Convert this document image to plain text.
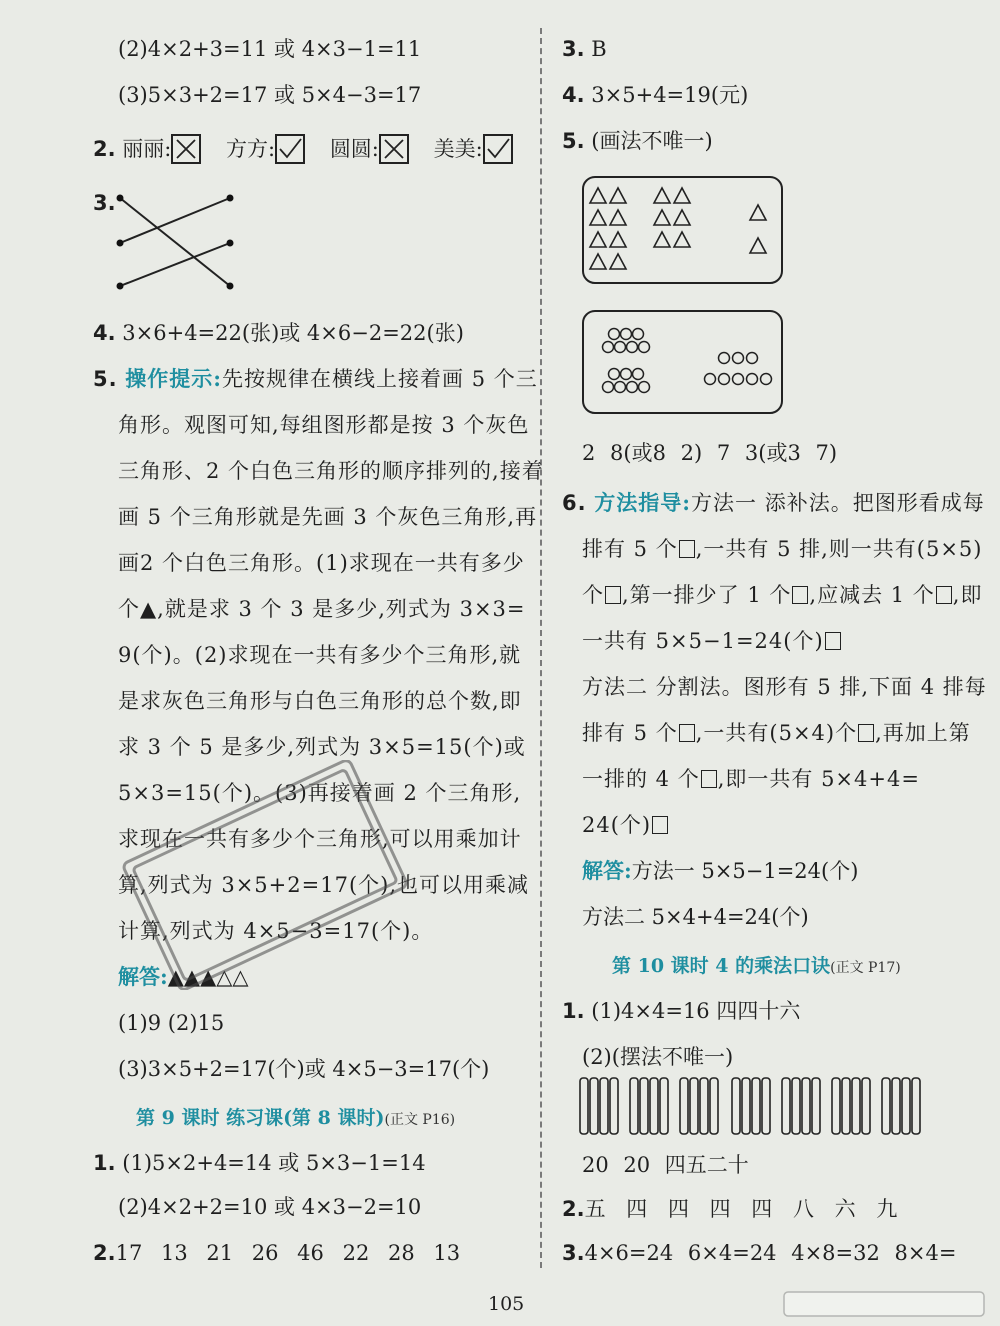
(2)4×2+3=11 或 4×3−1=11
(3)5×3+2=17 或 5×4−3=17
2. 丽丽:	方方:	圆圆:	美美:
3.
4. 3×6+4=22(张)或 4×6−2=22(张)
5. 操作提示:先按规律在横线上接着画 5 个三
角形。观图可知,每组图形都是按 3 个灰色
三角形、2 个白色三角形的顺序排列的,接着
画 5 个三角形就是先画 3 个灰色三角形,再
画2 个白色三角形。(1)求现在一共有多少
个▲,就是求 3 个 3 是多少,列式为 3×3=
9(个)。(2)求现在一共有多少个三角形,就
是求灰色三角形与白色三角形的总个数,即
求 3 个 5 是多少,列式为 3×5=15(个)或
5×3=15(个)。(3)再接着画 2 个三角形,
求现在一共有多少个三角形,可以用乘加计
算,列式为 3×5+2=17(个),也可以用乘减
计算,列式为 4×5−3=17(个)。
解答:▲▲▲△△
(1)9 (2)15
(3)3×5+2=17(个)或 4×5−3=17(个)
第 9 课时 练习课(第 8 课时)(正文 P16)
1. (1)5×2+4=14 或 5×3−1=14
(2)4×2+2=10 或 4×3−2=10
2.17 13 21 26 46 22 28 13
3. B
4. 3×5+4=19(元)
5. (画法不唯一)
2 8(或8 2) 7 3(或3 7)
6. 方法指导:方法一 添补法。把图形看成每
排有 5 个 ,一共有 5 排,则一共有(5×5)
个 ,第一排少了 1 个 ,应减去 1 个 ,即
一共有 5×5−1=24(个)
方法二 分割法。图形有 5 排,下面 4 排每
排有 5 个 ,一共有(5×4)个 ,再加上第
一排的 4 个 ,即一共有 5×4+4=
24(个)
解答:方法一 5×5−1=24(个)
方法二 5×4+4=24(个)
第 10 课时 4 的乘法口诀(正文 P17)
1. (1)4×4=16 四四十六
(2)(摆法不唯一)
20 20 四五二十
2.五 四 四 四 四 八 六 九
3.4×6=24 6×4=24 4×8=32 8×4=
105
